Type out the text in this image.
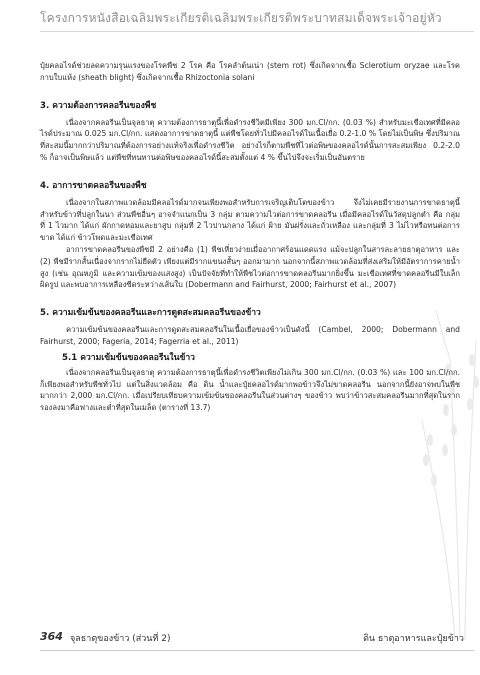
โครงการหนังสือเฉลิมพระเกียรติเฉลิมพระเกียรติพระบาทสมเด็จพระเจ้าอยู่หัว

ปุ๋ยคลอไรด์ช่วยลดความรุนแรงของโรคพืช 2 โรค คือ โรคลำต้นเน่า (stem rot) ซึ่งเกิดจากเชื้อ Sclerotium oryzae และโรคกาบใบแห้ง (sheath blight) ซึ่งเกิดจากเชื้อ Rhizoctonia solani

3. ความต้องการคลอรีนของพืช

เนื่องจากคลอรีนเป็นจุลธาตุ ความต้องการธาตุนี้เพื่อดำรงชีวิตมีเพียง 300 มก.Cl/กก. (0.03 %) สำหรับมะเขือเทศที่มีคลอไรด์ประมาณ 0.025 มก.Cl/กก. แสดงอาการขาดธาตุนี้ แต่พืชโดยทั่วไปมีคลอไรด์ในเนื้อเยื่อ 0.2-1.0 % โดยไม่เป็นพิษ ซึ่งปริมาณที่สะสมนี้มากกว่าปริมาณที่ต้องการอย่างแท้จริงเพื่อดำรงชีวิต อย่างไรก็ตามพืชที่ไวต่อพิษของคลอไรด์นั้นการสะสมเพียง 0.2-2.0 % ก็อาจเป็นพิษแล้ว แต่พืชที่ทนทานต่อพิษของคลอไรด์นี้สะสมตั้งแต่ 4 % ขึ้นไปจึงจะเริ่มเป็นอันตราย

4. อาการขาดคลอรีนของพืช

เนื่องจากในสภาพแวดล้อมมีคลอไรด์มากจนเพียงพอสำหรับการเจริญเติบโตของข้าว จึงไม่เคยมีรายงานการขาดธาตุนี้สำหรับข้าวที่ปลูกในนา ส่วนพืชอื่นๆ อาจจำแนกเป็น 3 กลุ่ม ตามความไวต่อการขาดคลอรีน เมื่อมีคลอไรด์ในวัสดุปลูกต่ำ คือ กลุ่มที่ 1 ไวมาก ได้แก่ ผักกาดหอมและยาสูบ กลุ่มที่ 2 ไวปานกลาง ได้แก่ ฝ้าย มันฝรั่งและถั่วเหลือง และกลุ่มที่ 3 ไม่ไวหรือทนต่อการขาด ได้แก่ ข้าวโพดและมะเขือเทศ

อาการขาดคลอรีนของพืชมี 2 อย่างคือ (1) พืชเหี่ยวง่ายเมื่ออากาศร้อนแดดแรง แม้จะปลูกในสารละลายธาตุอาหาร และ (2) พืชมีรากสั้นเนื่องจากรากไม่ยืดตัว เพียงแต่มีรากแขนงสั้นๆ ออกมามาก นอกจากนี้สภาพแวดล้อมที่ส่งเสริมให้มีอัตราการคายน้ำสูง (เช่น อุณหภูมิ และความเข้มของแสงสูง) เป็นปัจจัยที่ทำให้พืชไวต่อการขาดคลอรีนมากยิ่งขึ้น มะเขือเทศที่ขาดคลอรีนมีใบเล็กผิดรูป และพบอาการเหลืองซีดระหว่างเส้นใบ (Dobermann and Fairhurst, 2000; Fairhurst et al., 2007)

5. ความเข้มข้นของคลอรีนและการดูดสะสมคลอรีนของข้าว

ความเข้มข้นของคลอรีนและการดูดสะสมคลอรีนในเนื้อเยื่อของข้าวเป็นดังนี้ (Cambel, 2000; Dobermann and Fairhurst, 2000; Fageria, 2014; Fagerria et al., 2011)

5.1 ความเข้มข้นของคลอรีนในข้าว

เนื่องจากคลอรีนเป็นจุลธาตุ ความต้องการธาตุนี้เพื่อดำรงชีวิตเพียงไม่เกิน 300 มก.Cl/กก. (0.03 %) และ 100 มก.Cl/กก. ก็เพียงพอสำหรับพืชทั่วไป แต่ในสิ่งแวดล้อม คือ ดิน น้ำและปุ๋ยคลอไรด์มากพอข้าวจึงไม่ขาดคลอรีน นอกจากนี้ยังอาจพบในพืชมากกว่า 2,000 มก.Cl/กก. เมื่อเปรียบเทียบความเข้มข้นของคลอรีนในส่วนต่างๆ ของข้าว พบว่าข้าวสะสมคลอรีนมากที่สุดในราก รองลงมาคือฟางและต่ำที่สุดในเมล็ด (ตารางที่ 13.7)

364 จุลธาตุของข้าว (ส่วนที่ 2)	ดิน ธาตุอาหารและปุ๋ยข้าว
